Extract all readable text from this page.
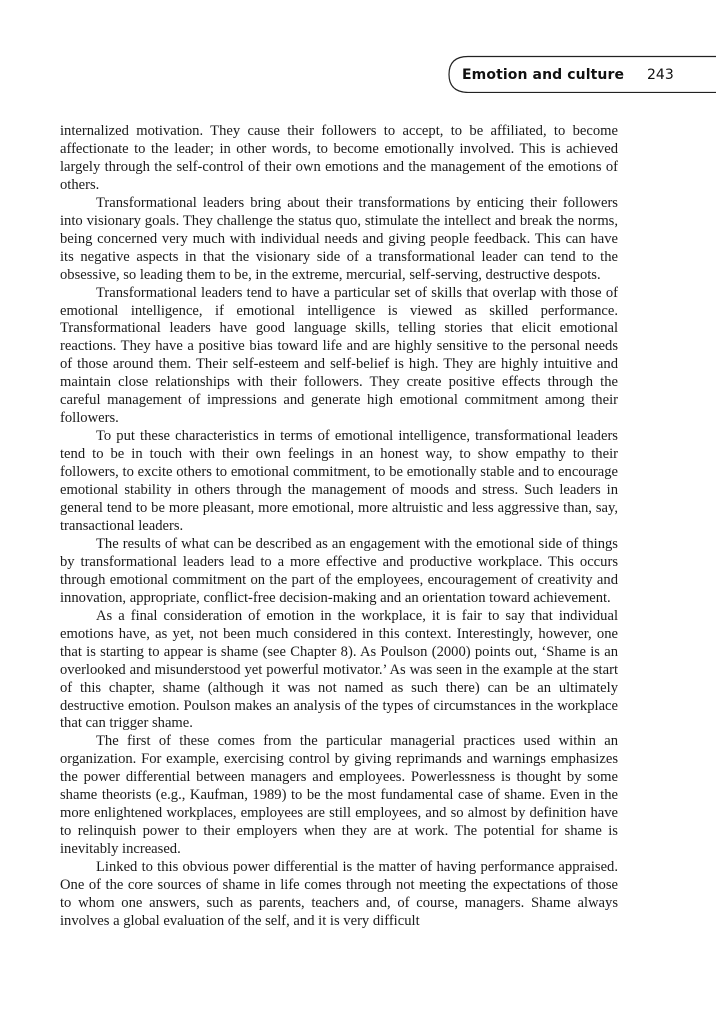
Emotion and culture 243

internalized motivation. They cause their followers to accept, to be affiliated, to become affectionate to the leader; in other words, to become emotionally involved. This is achieved largely through the self-control of their own emotions and the management of the emotions of others.

Transformational leaders bring about their transformations by enticing their followers into visionary goals. They challenge the status quo, stimulate the intellect and break the norms, being concerned very much with individual needs and giving people feedback. This can have its negative aspects in that the visionary side of a transformational leader can tend to the obsessive, so leading them to be, in the extreme, mercurial, self-serving, destructive despots.

Transformational leaders tend to have a particular set of skills that overlap with those of emotional intelligence, if emotional intelligence is viewed as skilled performance. Transformational leaders have good language skills, telling stories that elicit emotional reactions. They have a positive bias toward life and are highly sensitive to the personal needs of those around them. Their self-esteem and self-belief is high. They are highly intuitive and maintain close relationships with their followers. They create positive effects through the careful management of impressions and generate high emotional commitment among their followers.

To put these characteristics in terms of emotional intelligence, transformational leaders tend to be in touch with their own feelings in an honest way, to show empathy to their followers, to excite others to emotional commitment, to be emotionally stable and to encourage emotional stability in others through the management of moods and stress. Such leaders in general tend to be more pleasant, more emotional, more altruistic and less aggressive than, say, transactional leaders.

The results of what can be described as an engagement with the emotional side of things by transformational leaders lead to a more effective and productive workplace. This occurs through emotional commitment on the part of the employees, encouragement of creativity and innovation, appropriate, conflict-free decision-making and an orientation toward achievement.

As a final consideration of emotion in the workplace, it is fair to say that individual emotions have, as yet, not been much considered in this context. Interestingly, however, one that is starting to appear is shame (see Chapter 8). As Poulson (2000) points out, ‘Shame is an overlooked and misunderstood yet powerful motivator.’ As was seen in the example at the start of this chapter, shame (although it was not named as such there) can be an ultimately destructive emotion. Poulson makes an analysis of the types of circumstances in the workplace that can trigger shame.

The first of these comes from the particular managerial practices used within an organization. For example, exercising control by giving reprimands and warnings emphasizes the power differential between managers and employees. Powerlessness is thought by some shame theorists (e.g., Kaufman, 1989) to be the most fundamental case of shame. Even in the more enlightened workplaces, employees are still employees, and so almost by definition have to relinquish power to their employers when they are at work. The potential for shame is inevitably increased.

Linked to this obvious power differential is the matter of having performance appraised. One of the core sources of shame in life comes through not meeting the expectations of those to whom one answers, such as parents, teachers and, of course, managers. Shame always involves a global evaluation of the self, and it is very difficult
